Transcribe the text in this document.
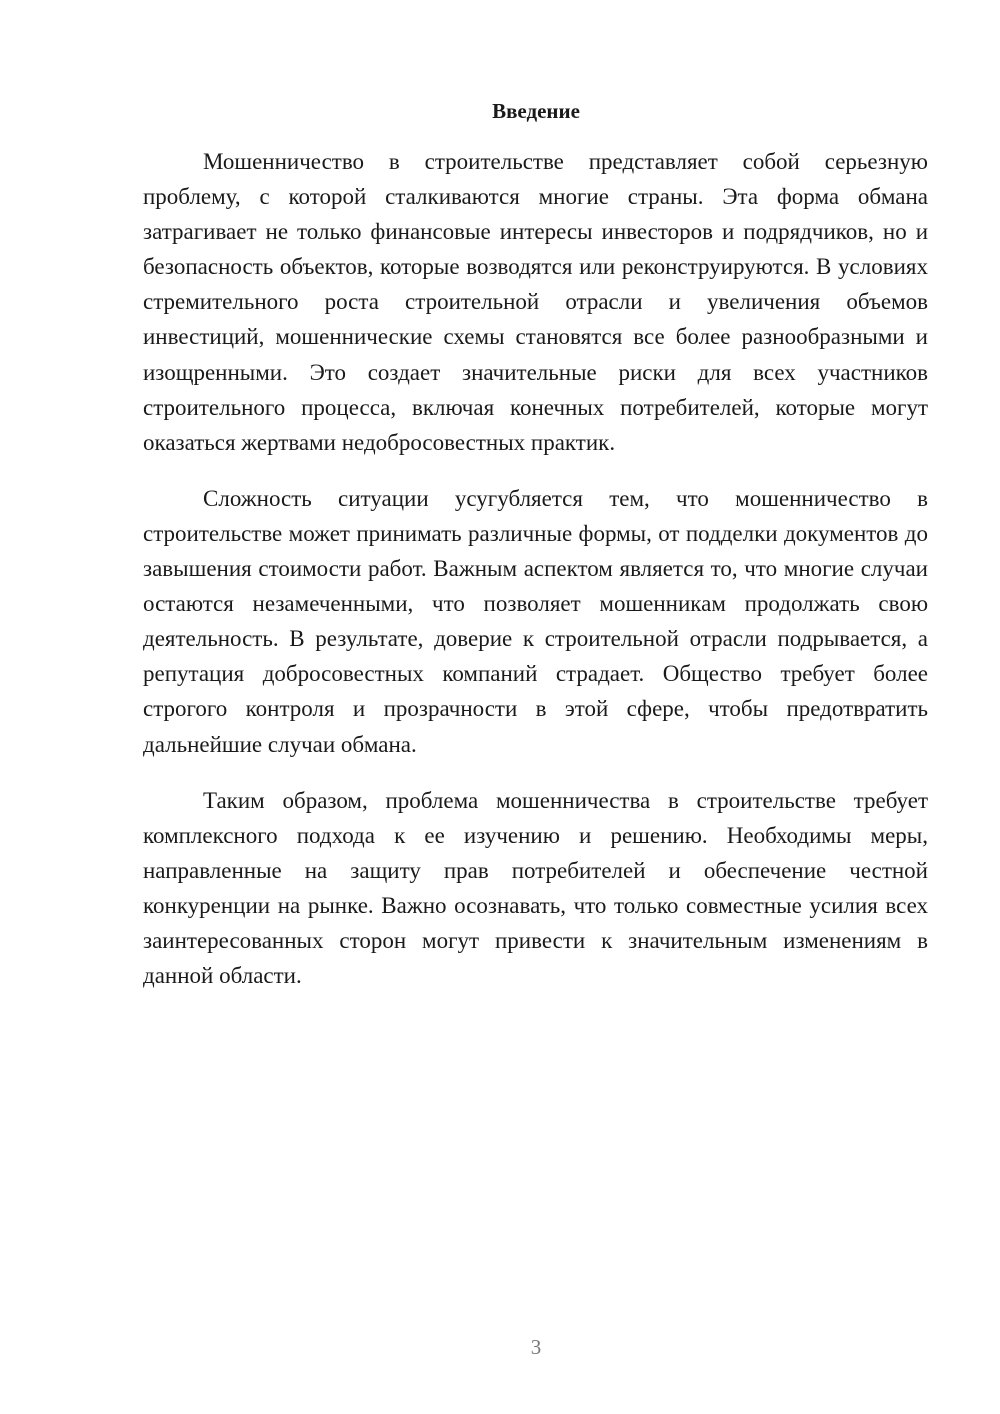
Введение

Мошенничество в строительстве представляет собой серьезную проблему, с которой сталкиваются многие страны. Эта форма обмана затрагивает не только финансовые интересы инвесторов и подрядчиков, но и безопасность объектов, которые возводятся или реконструируются. В условиях стремительного роста строительной отрасли и увеличения объемов инвестиций, мошеннические схемы становятся все более разнообразными и изощренными. Это создает значительные риски для всех участников строительного процесса, включая конечных потребителей, которые могут оказаться жертвами недобросовестных практик.

Сложность ситуации усугубляется тем, что мошенничество в строительстве может принимать различные формы, от подделки документов до завышения стоимости работ. Важным аспектом является то, что многие случаи остаются незамеченными, что позволяет мошенникам продолжать свою деятельность. В результате, доверие к строительной отрасли подрывается, а репутация добросовестных компаний страдает. Общество требует более строгого контроля и прозрачности в этой сфере, чтобы предотвратить дальнейшие случаи обмана.

Таким образом, проблема мошенничества в строительстве требует комплексного подхода к ее изучению и решению. Необходимы меры, направленные на защиту прав потребителей и обеспечение честной конкуренции на рынке. Важно осознавать, что только совместные усилия всех заинтересованных сторон могут привести к значительным изменениям в данной области.

3
